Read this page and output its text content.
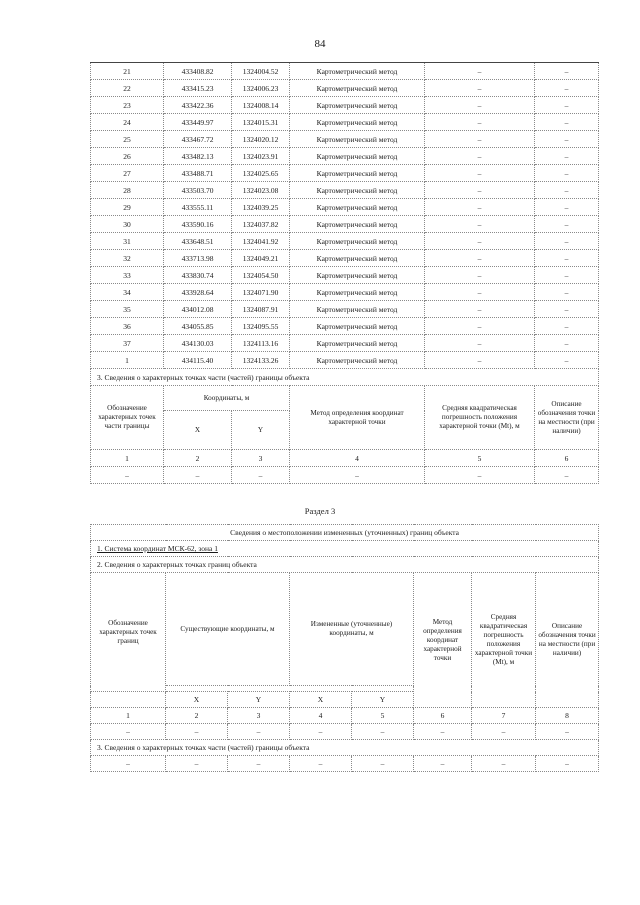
84
21	433408.82	1324004.52	Картометрический метод	–	–
22	433415.23	1324006.23	Картометрический метод	–	–
23	433422.36	1324008.14	Картометрический метод	–	–
24	433449.97	1324015.31	Картометрический метод	–	–
25	433467.72	1324020.12	Картометрический метод	–	–
26	433482.13	1324023.91	Картометрический метод	–	–
27	433488.71	1324025.65	Картометрический метод	–	–
28	433503.70	1324023.08	Картометрический метод	–	–
29	433555.11	1324039.25	Картометрический метод	–	–
30	433590.16	1324037.82	Картометрический метод	–	–
31	433648.51	1324041.92	Картометрический метод	–	–
32	433713.98	1324049.21	Картометрический метод	–	–
33	433830.74	1324054.50	Картометрический метод	–	–
34	433928.64	1324071.90	Картометрический метод	–	–
35	434012.08	1324087.91	Картометрический метод	–	–
36	434055.85	1324095.55	Картометрический метод	–	–
37	434130.03	1324113.16	Картометрический метод	–	–
1	434115.40	1324133.26	Картометрический метод	–	–
3. Сведения о характерных точках части (частей) границы объекта					
Обозначение характерных точек части границы	Координаты, м		Метод определения координат характерной точки	Средняя квадратическая погрешность положения характерной точки (Mt), м	Описание обозначения точки на местности (при наличии)
	X	Y			
1	2	3	4	5	6
–	–	–	–	–	–
Раздел 3
Сведения о местоположении измененных (уточненных) границ объекта							
1. Система координат МСК-62, зона 1							
2. Сведения о характерных точках границ объекта							
Обозначение характерных точек границ	Существующие координаты, м		Измененные (уточненные) координаты, м		Метод определения координат характерной точки	Средняя квадратическая погрешность положения характерной точки (Mt), м	Описание обозначения точки на местности (при наличии)

	X	Y	X	Y			
1	2	3	4	5	6	7	8
–	–	–	–	–	–	–	–
3. Сведения о характерных точках части (частей) границы объекта							
–	–	–	–	–	–	–	–
